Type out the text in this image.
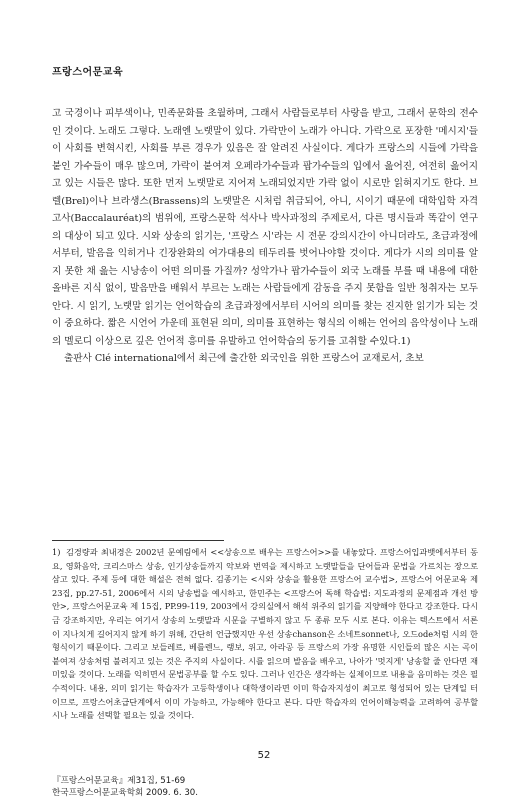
프랑스어문교육

고 국경이나 피부색이나, 민족문화를 초월하며, 그래서 사람들로부터 사랑을 받고, 그래서 문학의 전수인 것이다. 노래도 그렇다. 노래엔 노랫말이 있다. 가락만이 노래가 아니다. 가락으로 포장한 '메시지'들이 사회를 변혁시킨, 사회를 부른 경우가 있음은 잘 알려진 사실이다. 게다가 프랑스의 시들에 가락을 붙인 가수들이 매우 많으며, 가락이 붙여져 오페라가수들과 팝가수들의 입에서 읊어진, 여전히 읊어지고 있는 시들은 많다. 또한 먼저 노랫말로 지어져 노래되었지만 가락 없이 시로만 읽혀지기도 한다. 브렐(Brel)이나 브라생스(Brassens)의 노랫말은 시처럼 취급되어, 아니, 시이기 때문에 대학입학 자격고사(Baccalauréat)의 범위에, 프랑스문학 석사나 박사과정의 주제로서, 다른 명시들과 똑같이 연구의 대상이 되고 있다. 시와 상송의 읽기는, '프랑스 시'라는 시 전문 강의시간이 아니더라도, 초급과정에서부터, 발음을 익히거나 긴장완화의 여가대용의 테두리를 벗어나야할 것이다. 게다가 시의 의미를 알지 못한 채 읊는 시낭송이 어떤 의미를 가질까? 성악가나 팝가수들이 외국 노래를 부를 때 내용에 대한 올바른 지식 없이, 발음만을 배워서 부르는 노래는 사람들에게 감동을 주지 못함을 일반 청취자는 모두 안다. 시 읽기, 노랫말 읽기는 언어학습의 초급과정에서부터 시어의 의미를 찾는 진지한 읽기가 되는 것이 중요하다. 짧은 시언어 가운데 표현된 의미, 의미를 표현하는 형식의 이해는 언어의 음악성이나 노래의 멜로디 이상으로 깊은 언어적 흥미를 유발하고 언어학습의 동기를 고취할 수있다.1)

출판사 Clé international에서 최근에 출간한 외국인을 위한 프랑스어 교재로서, 초보

1) 김경량과 최내경은 2002년 문예림에서 <<상송으로 배우는 프랑스어>>를 내놓았다. 프랑스어입과뱃에서부터 동요, 영화음악, 크리스마스 상송, 인기상송들까지 악보와 번역을 제시하고 노랫말들을 단어들과 문법을 가르치는 장으로 삼고 있다. 주제 등에 대한 해설은 전혀 없다. 김종기는 <시와 상송을 활용한 프랑스어 교수법>, 프랑스어 어문교육 제23집, pp.27-51, 2006에서 시의 낭송법을 예시하고, 한민주는 <프랑스어 독해 학습법: 지도과정의 문제점과 개선 방안>, 프랑스어문교육 제 15집, PP.99-119, 2003에서 강의실에서 해석 위주의 읽기를 지양해야 한다고 강조한다. 다시금 강조하지만, 우리는 여기서 상송의 노랫말과 시문을 구별하지 않고 두 종류 모두 시로 본다. 이유는 텍스트에서 서론이 지나치게 길어지지 않게 하기 위해, 간단히 언급했지만 우선 상송chanson은 소네트sonnet나, 오드ode처럼 시의 한 형식이기 때문이다. 그리고 보들레르, 베를렌느, 랭보, 위고, 아라공 등 프랑스의 가장 유명한 시인들의 많은 시는 곡이 붙여져 상송처럼 불려지고 있는 것은 주지의 사실이다. 시를 읽으며 발음을 배우고, 나아가 '멋지게' 낭송할 줄 안다면 재미있을 것이다. 노래를 익히면서 문법공부를 할 수도 있다. 그러나 인간은 생각하는 실제이므로 내용을 음미하는 것은 필수적이다. 내용, 의미 읽기는 학습자가 고등학생이나 대학생이라면 이미 학습자지성이 최고로 형성되어 있는 단계일 터이므로, 프랑스어초급단계에서 이미 가능하고, 가능해야 한다고 본다. 다만 학습자의 언어이해능력을 고려하여 공부할 시나 노래를 선택할 필요는 있을 것이다.
52
『프랑스어문교육』제31집, 51-69
한국프랑스어문교육학회 2009. 6. 30.
